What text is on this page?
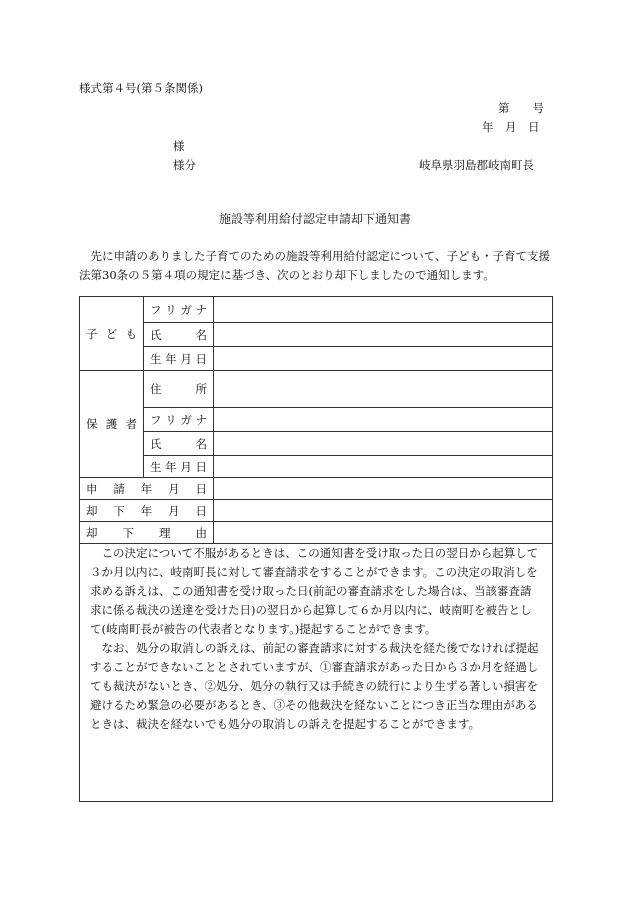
様式第４号(第５条関係)
第　　号
年　月　日
様
様分	岐阜県羽島郡岐南町長
施設等利用給付認定申請却下通知書

先に申請のありました子育てのための施設等利用給付認定について、子ども・子育て支援法第30条の５第４項の規定に基づき、次のとおり却下しましたので通知します。

子 ど も	フ リ ガ ナ	

	氏 名	

	生 年 月 日	

保 護 者	住 所	

	フ リ ガ ナ	

	氏 名	

	生 年 月 日	

申 請 年 月 日		

却 下 年 月 日		

却 下 理 由		

この決定について不服があるときは、この通知書を受け取った日の翌日から起算して３か月以内に、岐南町長に対して審査請求をすることができます。この決定の取消しを求める訴えは、この通知書を受け取った日(前記の審査請求をした場合は、当該審査請求に係る裁決の送達を受けた日)の翌日から起算して６か月以内に、岐南町を被告として(岐南町長が被告の代表者となります。)提起することができます。

なお、処分の取消しの訴えは、前記の審査請求に対する裁決を経た後でなければ提起することができないこととされていますが、①審査請求があった日から３か月を経過しても裁決がないとき、②処分、処分の執行又は手続きの続行により生ずる著しい損害を避けるため緊急の必要があるとき、③その他裁決を経ないことにつき正当な理由があるときは、裁決を経ないでも処分の取消しの訴えを提起することができます。
